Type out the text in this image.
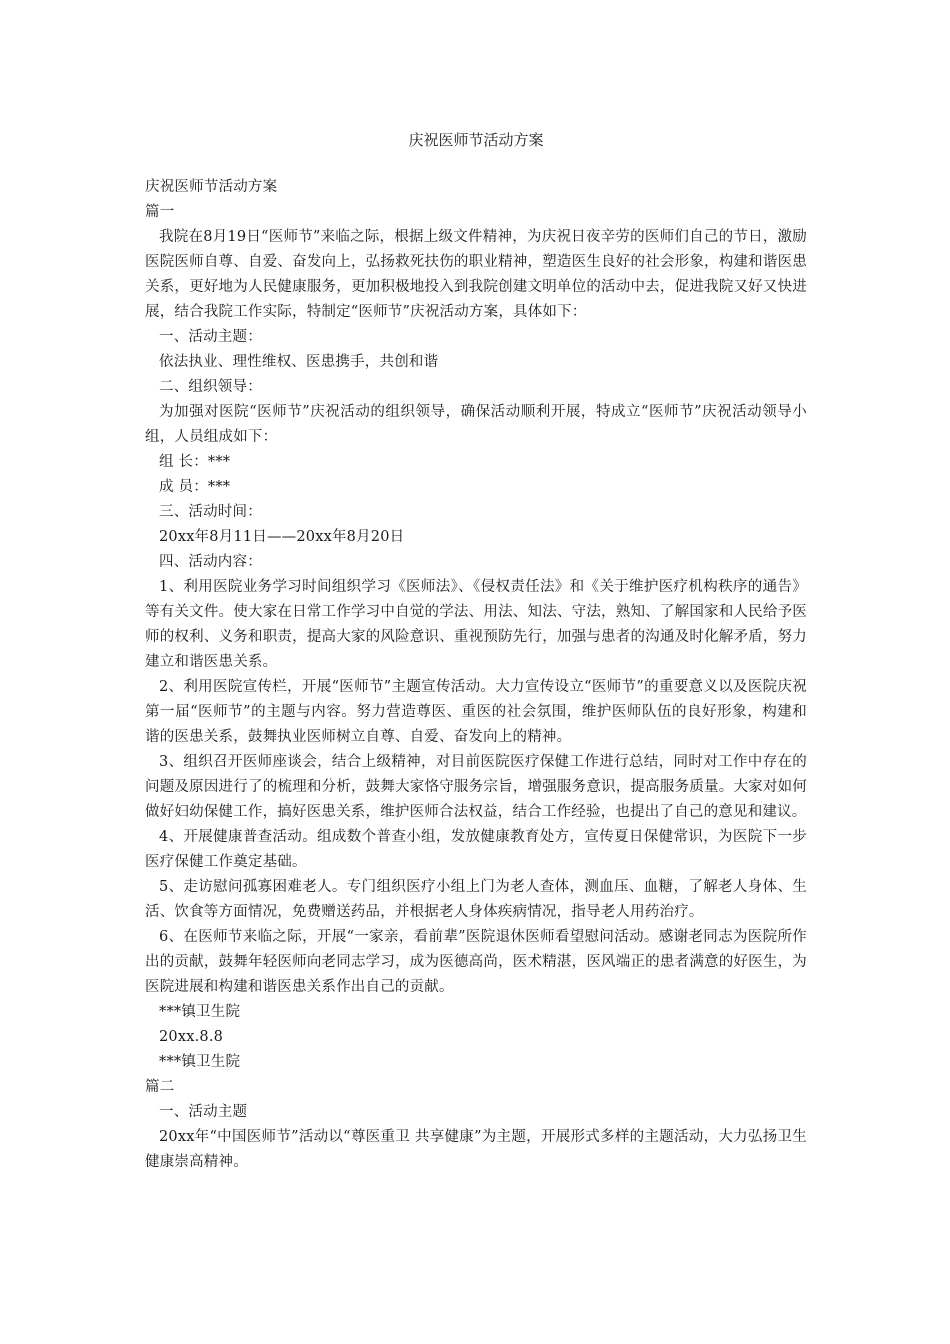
庆祝医师节活动方案

庆祝医师节活动方案

篇一

我院在8月19日“医师节”来临之际，根据上级文件精神，为庆祝日夜辛劳的医师们自己的节日，激励医院医师自尊、自爱、奋发向上，弘扬救死扶伤的职业精神，塑造医生良好的社会形象，构建和谐医患关系，更好地为人民健康服务，更加积极地投入到我院创建文明单位的活动中去，促进我院又好又快进展，结合我院工作实际，特制定“医师节”庆祝活动方案，具体如下：

一、活动主题：

依法执业、理性维权、医患携手，共创和谐

二、组织领导：

为加强对医院“医师节”庆祝活动的组织领导，确保活动顺利开展，特成立“医师节”庆祝活动领导小组，人员组成如下：

组 长：***

成 员：***

三、活动时间：

20xx年8月11日——20xx年8月20日

四、活动内容：

1、利用医院业务学习时间组织学习《医师法》、《侵权责任法》和《关于维护医疗机构秩序的通告》等有关文件。使大家在日常工作学习中自觉的学法、用法、知法、守法，熟知、了解国家和人民给予医师的权利、义务和职责，提高大家的风险意识、重视预防先行，加强与患者的沟通及时化解矛盾，努力建立和谐医患关系。

2、利用医院宣传栏，开展“医师节”主题宣传活动。大力宣传设立“医师节”的重要意义以及医院庆祝第一届“医师节”的主题与内容。努力营造尊医、重医的社会氛围，维护医师队伍的良好形象，构建和谐的医患关系，鼓舞执业医师树立自尊、自爱、奋发向上的精神。

3、组织召开医师座谈会，结合上级精神，对目前医院医疗保健工作进行总结，同时对工作中存在的问题及原因进行了的梳理和分析，鼓舞大家恪守服务宗旨，增强服务意识，提高服务质量。大家对如何做好妇幼保健工作，搞好医患关系，维护医师合法权益，结合工作经验，也提出了自己的意见和建议。

4、开展健康普查活动。组成数个普查小组，发放健康教育处方，宣传夏日保健常识，为医院下一步医疗保健工作奠定基础。

5、走访慰问孤寡困难老人。专门组织医疗小组上门为老人查体，测血压、血糖，了解老人身体、生活、饮食等方面情况，免费赠送药品，并根据老人身体疾病情况，指导老人用药治疗。

6、在医师节来临之际，开展“一家亲，看前辈”医院退休医师看望慰问活动。感谢老同志为医院所作出的贡献，鼓舞年轻医师向老同志学习，成为医德高尚，医术精湛，医风端正的患者满意的好医生，为医院进展和构建和谐医患关系作出自己的贡献。

***镇卫生院

20xx.8.8

***镇卫生院

篇二

一、活动主题

20xx年“中国医师节”活动以“尊医重卫 共享健康”为主题，开展形式多样的主题活动，大力弘扬卫生健康崇高精神。
